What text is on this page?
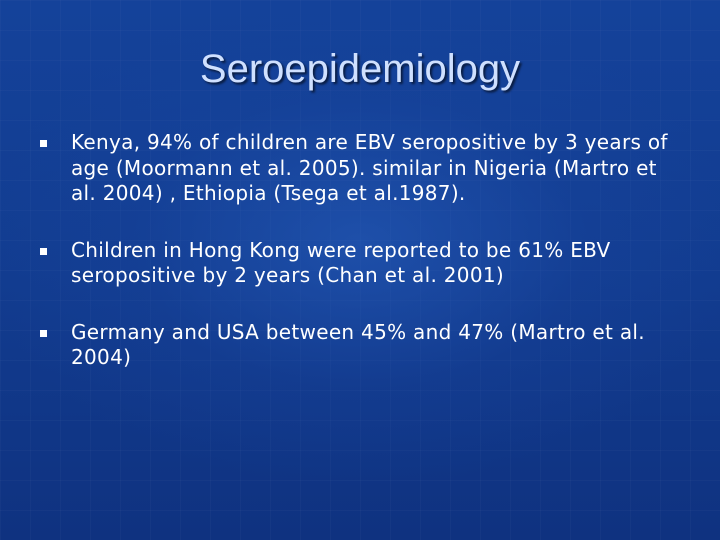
Seroepidemiology
Kenya, 94% of children are EBV seropositive by 3 years of age (Moormann et al. 2005). similar in Nigeria (Martro et al. 2004) , Ethiopia (Tsega et al.1987).
Children in Hong Kong were reported to be 61% EBV seropositive by 2 years (Chan et al. 2001)
Germany and USA between 45% and 47% (Martro et al. 2004)
